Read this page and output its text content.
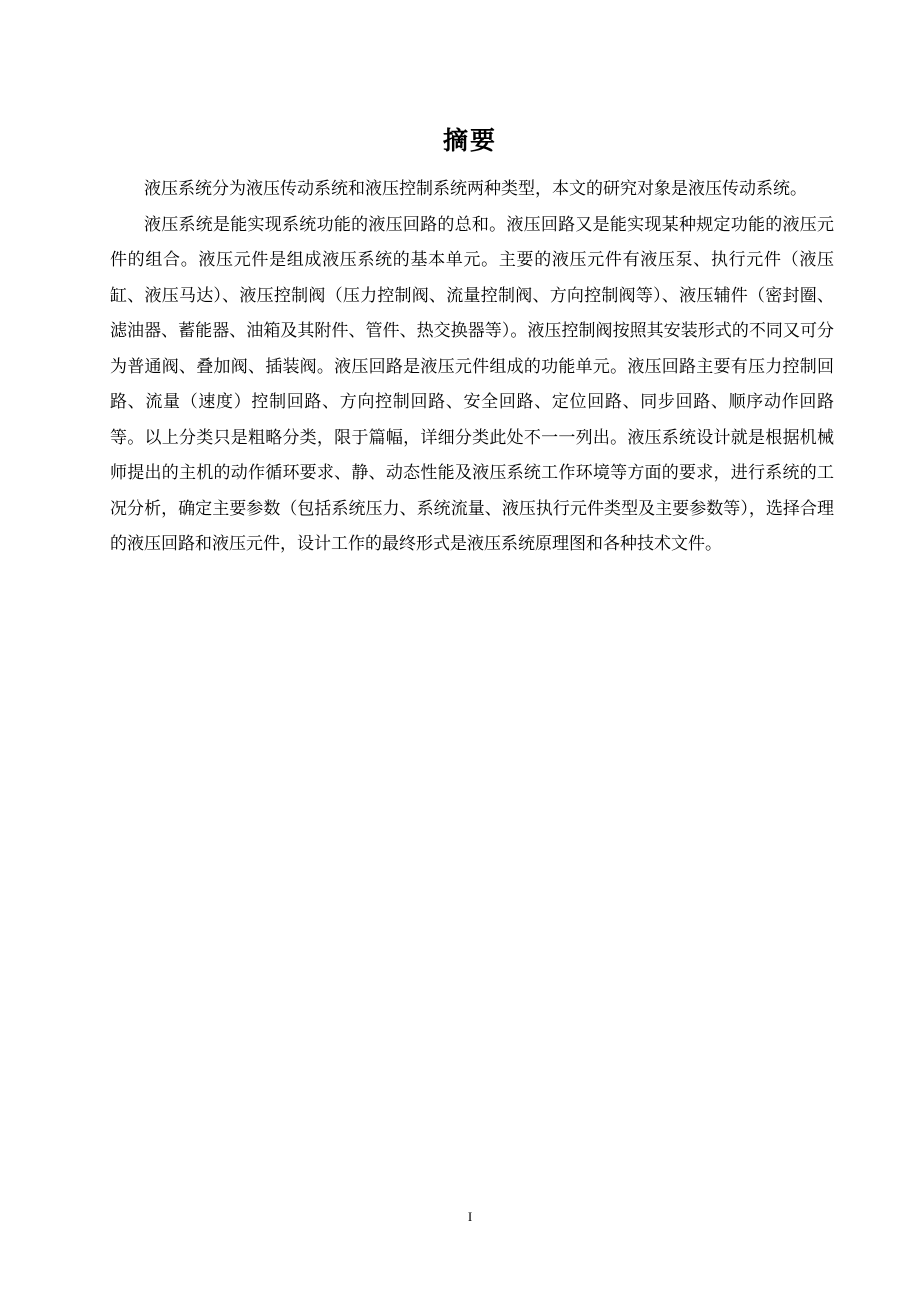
摘要

液压系统分为液压传动系统和液压控制系统两种类型，本文的研究对象是液压传动系统。

液压系统是能实现系统功能的液压回路的总和。液压回路又是能实现某种规定功能的液压元件的组合。液压元件是组成液压系统的基本单元。主要的液压元件有液压泵、执行元件（液压缸、液压马达）、液压控制阀（压力控制阀、流量控制阀、方向控制阀等）、液压辅件（密封圈、滤油器、蓄能器、油箱及其附件、管件、热交换器等）。液压控制阀按照其安装形式的不同又可分为普通阀、叠加阀、插装阀。液压回路是液压元件组成的功能单元。液压回路主要有压力控制回路、流量（速度）控制回路、方向控制回路、安全回路、定位回路、同步回路、顺序动作回路等。以上分类只是粗略分类，限于篇幅，详细分类此处不一一列出。液压系统设计就是根据机械师提出的主机的动作循环要求、静、动态性能及液压系统工作环境等方面的要求，进行系统的工况分析，确定主要参数（包括系统压力、系统流量、液压执行元件类型及主要参数等），选择合理的液压回路和液压元件，设计工作的最终形式是液压系统原理图和各种技术文件。

I
